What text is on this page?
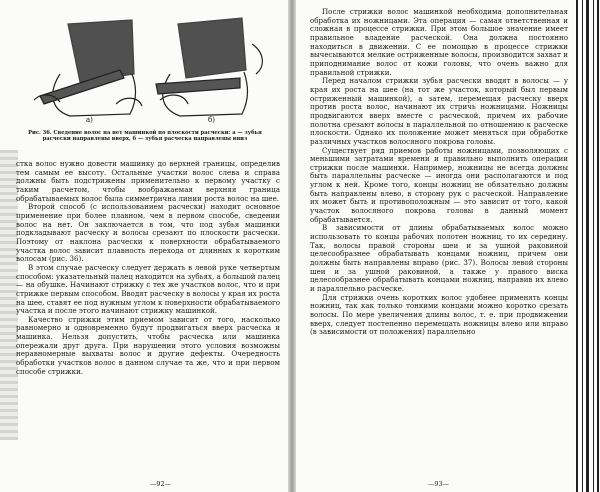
а)	б)
Рис. 36. Сведение волос на нет машинкой по плоскости расчески: а — зубья расчески направлены вверх, б — зубья расческа направлены вниз

стка волос нужно довести машинку до верхней границы, определив тем самым ее высоту. Остальные участки волос слева и справа должны быть подстрижены применительно к первому участку с таким расчетом, чтобы воображаемая верхняя граница обрабатываемых волос была симметрична линии роста волос на шее.

Второй способ (с использованием расчески) находит основное применение при более плавном, чем в первом способе, сведении волос на нет. Он заключается в том, что под зубья машинки подкладывают расческу и волосы срезают по плоскости расчески. Поэтому от наклона расчески к поверхности обрабатываемого участка волос зависит плавность перехода от длинных к коротким волосам (рис. 36).

В этом случае расческу следует держать в левой руке четвертым способом: указательный палец находится на зубьях, а большой палец — на обушке. Начинают стрижку с тех же участков волос, что и при стрижке первым способом. Вводят расческу в волосы у края их роста на шее, ставят ее под нужным углом к поверхности обрабатываемого участка и после этого начинают стрижку машинкой.

Качество стрижки этим приемом зависит от того, насколько равномерно и одновременно будут продвигаться вверх расческа и машинка. Нельзя допустить, чтобы расческа или машинка опережали друг друга. При нарушении этого условия возможны неравномерные выхваты волос и другие дефекты. Очередность обработки участков волос в данном случае та же, что и при первом способе стрижки.

—92—

После стрижки волос машинкой необходима дополнительная обработка их ножницами. Эта операция — самая ответственная и сложная в процессе стрижки. При этом большое значение имеет правильное владение расческой. Она должна постоянно находиться в движении. С ее помощью в процессе стрижки вычесываются мелкие остриженные волосы, производится захват и приподнимание волос от кожи головы, что очень важно для правильной стрижки.

Перед началом стрижки зубья расчески вводят в волосы — у края их роста на шее (на тот же участок, который был первым остриженный машинкой), а затем, перемещая расческу вверх против роста волос, начинают их стричь ножницами. Ножницы продвигаются вверх вместе с расческой, причем их рабочие полотна срезают волосы в параллельной по отношению к расческе плоскости. Однако их положение может меняться при обработке различных участков волосяного покрова головы.

Существует ряд приемов работы ножницами, позволяющих с меньшими затратами времени и правильно выполнить операции стрижки после машинки. Например, ножницы не всегда должны быть параллельны расческе — иногда они располагаются и под углом к ней. Кроме того, концы ножниц не обязательно должны быть направлены влево, в сторону рук с расческой. Направление их может быть и противоположным — это зависит от того, какой участок волосяного покрова головы в данный момент обрабатывается.

В зависимости от длины обрабатываемых волос можно использовать то концы рабочих полотен ножниц, то их середину. Так, волосы правой стороны шеи и за ушной раковиной целесообразнее обрабатывать концами ножниц, причем они должны быть направлены вправо (рис. 37). Волосы левой стороны шеи и за ушной раковиной, а также у правого виска целесообразнее обрабатывать концами ножниц, направив их влево и параллельно расческе.

Для стрижки очень коротких волос удобнее применять концы ножниц, так как только тонкими концами можно коротко срезать волосы. По мере увеличения длины волос, т. е. при продвижении вверх, следует постепенно перемещать ножницы влево или вправо (в зависимости от положения) параллельно

—93—
